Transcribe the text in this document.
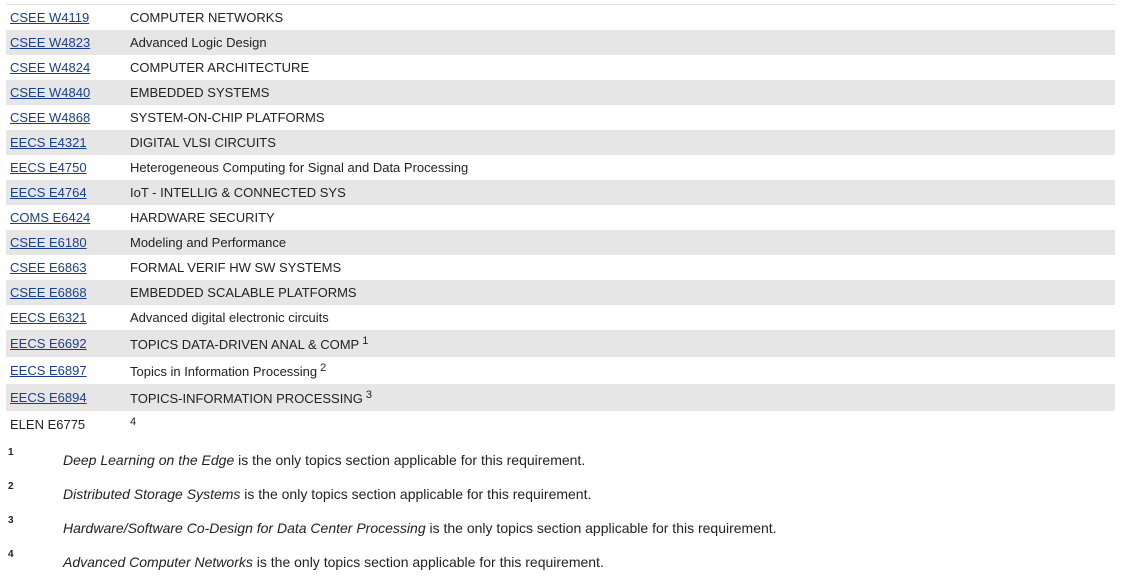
CSEE W4119	COMPUTER NETWORKS
CSEE W4823	Advanced Logic Design
CSEE W4824	COMPUTER ARCHITECTURE
CSEE W4840	EMBEDDED SYSTEMS
CSEE W4868	SYSTEM-ON-CHIP PLATFORMS
EECS E4321	DIGITAL VLSI CIRCUITS
EECS E4750	Heterogeneous Computing for Signal and Data Processing
EECS E4764	IoT - INTELLIG & CONNECTED SYS
COMS E6424	HARDWARE SECURITY
CSEE E6180	Modeling and Performance
CSEE E6863	FORMAL VERIF HW SW SYSTEMS
CSEE E6868	EMBEDDED SCALABLE PLATFORMS
EECS E6321	Advanced digital electronic circuits
EECS E6692	TOPICS DATA-DRIVEN ANAL & COMP $^1$
EECS E6897	Topics in Information Processing $^2$
EECS E6894	TOPICS-INFORMATION PROCESSING $^3$
ELEN E6775	$^4$
1	Deep Learning on the Edge is the only topics section applicable for this requirement.
2	Distributed Storage Systems is the only topics section applicable for this requirement.
3	Hardware/Software Co-Design for Data Center Processing is the only topics section applicable for this requirement.
4	Advanced Computer Networks is the only topics section applicable for this requirement.
